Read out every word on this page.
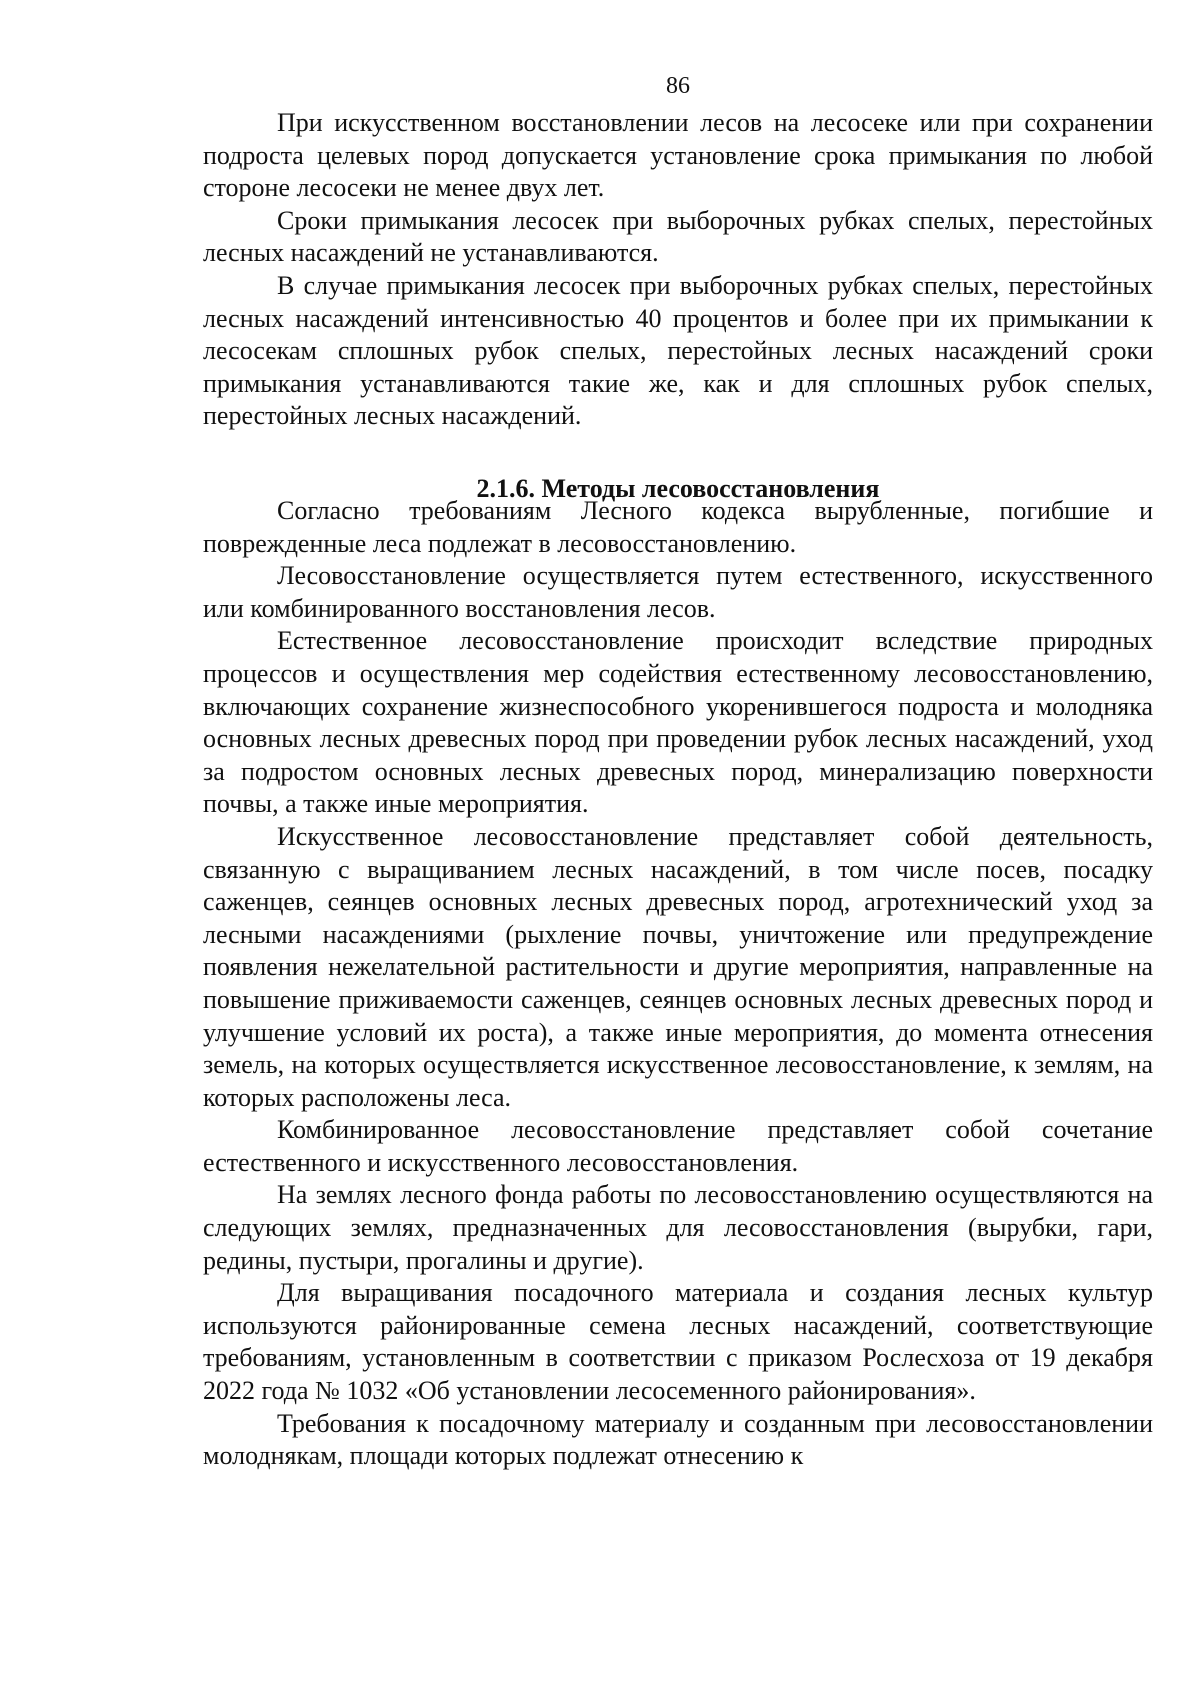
86

При искусственном восстановлении лесов на лесосеке или при сохранении подроста целевых пород допускается установление срока примыкания по любой стороне лесосеки не менее двух лет.

Сроки примыкания лесосек при выборочных рубках спелых, перестойных лесных насаждений не устанавливаются.

В случае примыкания лесосек при выборочных рубках спелых, перестойных лесных насаждений интенсивностью 40 процентов и более при их примыкании к лесосекам сплошных рубок спелых, перестойных лесных насаждений сроки примыкания устанавливаются такие же, как и для сплошных рубок спелых, перестойных лесных насаждений.

2.1.6. Методы лесовосстановления

Согласно требованиям Лесного кодекса вырубленные, погибшие и поврежденные леса подлежат в лесовосстановлению.

Лесовосстановление осуществляется путем естественного, искусственного или комбинированного восстановления лесов.

Естественное лесовосстановление происходит вследствие природных процессов и осуществления мер содействия естественному лесовосстановлению, включающих сохранение жизнеспособного укоренившегося подроста и молодняка основных лесных древесных пород при проведении рубок лесных насаждений, уход за подростом основных лесных древесных пород, минерализацию поверхности почвы, а также иные мероприятия.

Искусственное лесовосстановление представляет собой деятельность, связанную с выращиванием лесных насаждений, в том числе посев, посадку саженцев, сеянцев основных лесных древесных пород, агротехнический уход за лесными насаждениями (рыхление почвы, уничтожение или предупреждение появления нежелательной растительности и другие мероприятия, направленные на повышение приживаемости саженцев, сеянцев основных лесных древесных пород и улучшение условий их роста), а также иные мероприятия, до момента отнесения земель, на которых осуществляется искусственное лесовосстановление, к землям, на которых расположены леса.

Комбинированное лесовосстановление представляет собой сочетание естественного и искусственного лесовосстановления.

На землях лесного фонда работы по лесовосстановлению осуществляются на следующих землях, предназначенных для лесовосстановления (вырубки, гари, редины, пустыри, прогалины и другие).

Для выращивания посадочного материала и создания лесных культур используются районированные семена лесных насаждений, соответствующие требованиям, установленным в соответствии с приказом Рослесхоза от 19 декабря 2022 года № 1032 «Об установлении лесосеменного районирования».

Требования к посадочному материалу и созданным при лесовосстановлении молоднякам, площади которых подлежат отнесению к
